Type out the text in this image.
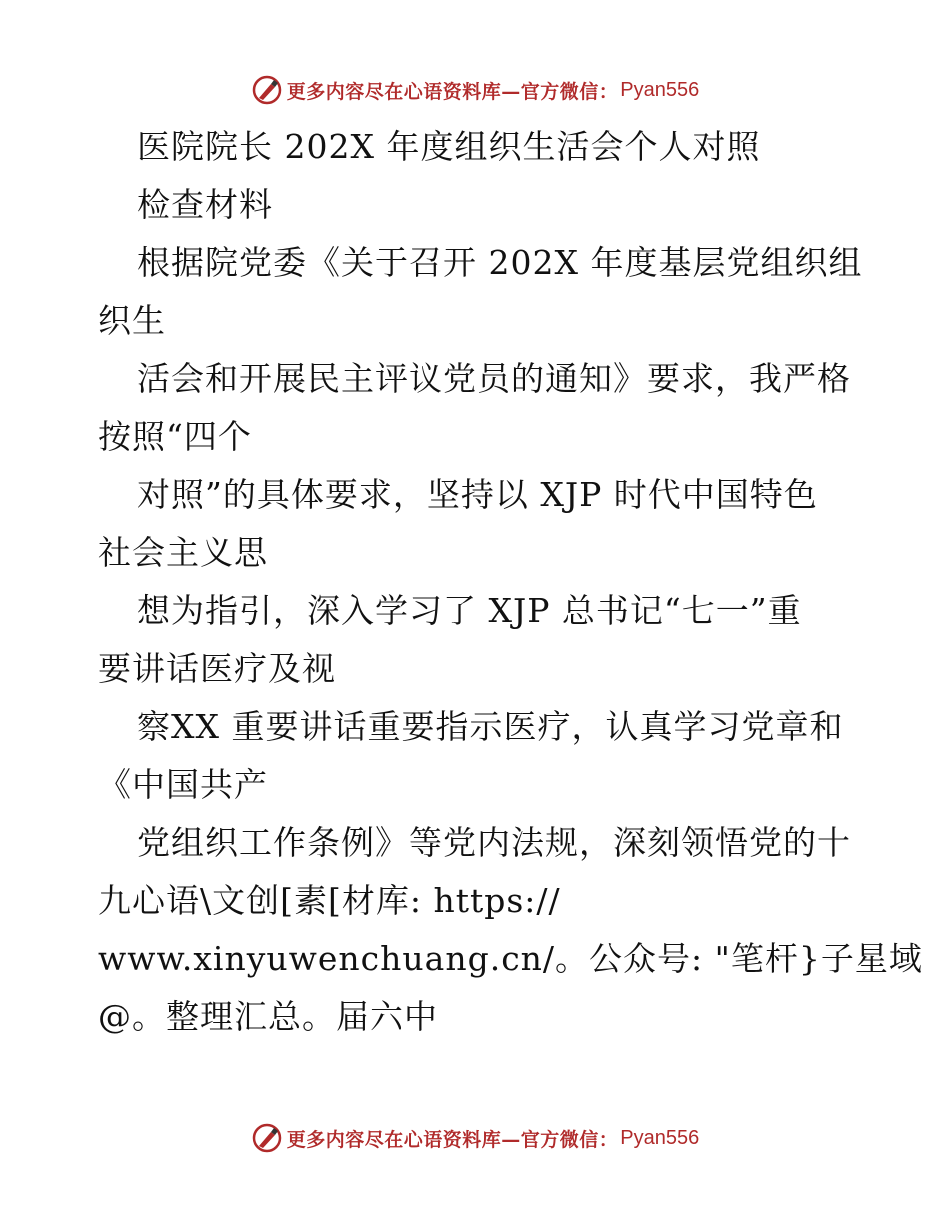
更多内容尽在心语资料库—官方微信： Pyan556
医院院长 202X 年度组织生活会个人对照
检查材料
根据院党委《关于召开 202X 年度基层党组织组
织生
活会和开展民主评议党员的通知》要求，我严格
按照“四个
对照”的具体要求，坚持以 XJP 时代中国特色
社会主义思
想为指引，深入学习了 XJP 总书记“七一”重
要讲话医疗及视
察XX 重要讲话重要指示医疗，认真学习党章和
《中国共产
党组织工作条例》等党内法规，深刻领悟党的十
九心语\文创[素[材库: https://
www.xinyuwenchuang.cn/。公众号: "笔杆}子星域
@。整理汇总。届六中
更多内容尽在心语资料库—官方微信： Pyan556
